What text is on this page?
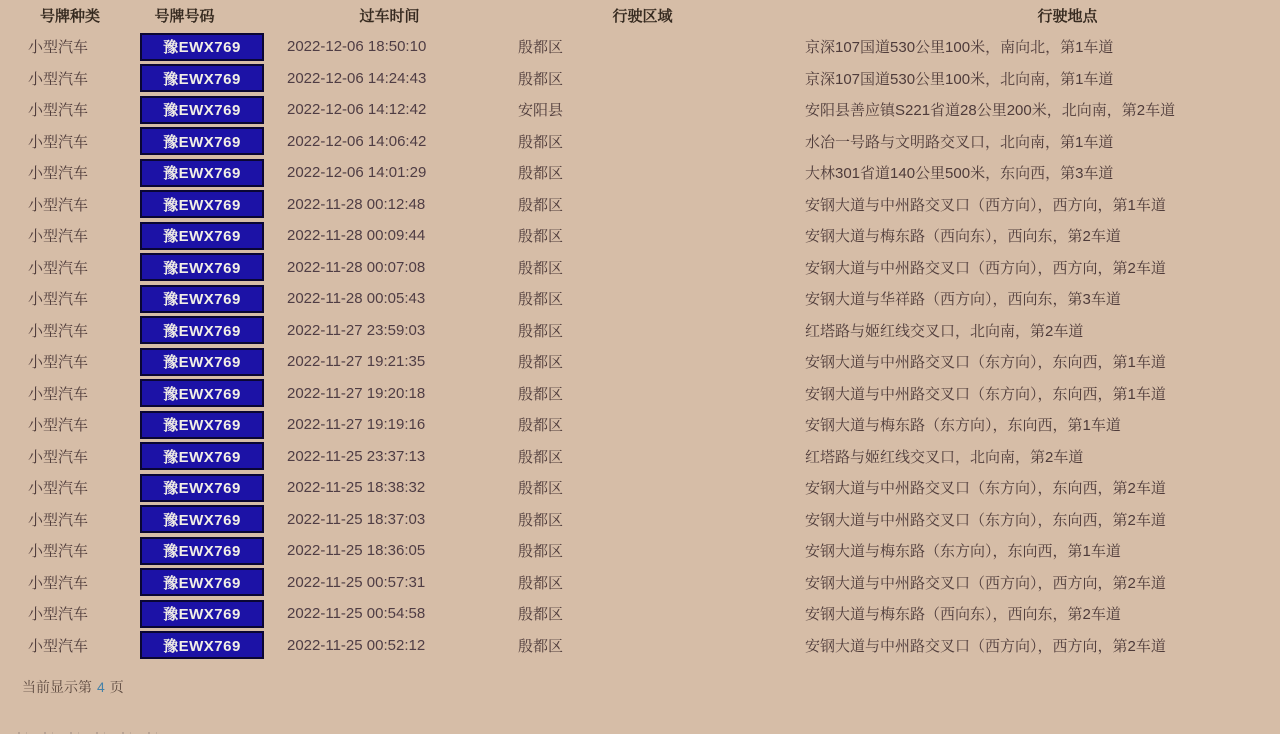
号牌种类	号牌号码	过车时间	行驶区域	行驶地点
小型汽车	豫EWX769	2022-12-06 18:50:10	殷都区	京深107国道530公里100米，南向北，第1车道
小型汽车	豫EWX769	2022-12-06 14:24:43	殷都区	京深107国道530公里100米，北向南，第1车道
小型汽车	豫EWX769	2022-12-06 14:12:42	安阳县	安阳县善应镇S221省道28公里200米，北向南，第2车道
小型汽车	豫EWX769	2022-12-06 14:06:42	殷都区	水冶一号路与文明路交叉口，北向南，第1车道
小型汽车	豫EWX769	2022-12-06 14:01:29	殷都区	大林301省道140公里500米，东向西，第3车道
小型汽车	豫EWX769	2022-11-28 00:12:48	殷都区	安钢大道与中州路交叉口（西方向），西方向，第1车道
小型汽车	豫EWX769	2022-11-28 00:09:44	殷都区	安钢大道与梅东路（西向东），西向东，第2车道
小型汽车	豫EWX769	2022-11-28 00:07:08	殷都区	安钢大道与中州路交叉口（西方向），西方向，第2车道
小型汽车	豫EWX769	2022-11-28 00:05:43	殷都区	安钢大道与华祥路（西方向），西向东，第3车道
小型汽车	豫EWX769	2022-11-27 23:59:03	殷都区	红塔路与姬红线交叉口，北向南，第2车道
小型汽车	豫EWX769	2022-11-27 19:21:35	殷都区	安钢大道与中州路交叉口（东方向），东向西，第1车道
小型汽车	豫EWX769	2022-11-27 19:20:18	殷都区	安钢大道与中州路交叉口（东方向），东向西，第1车道
小型汽车	豫EWX769	2022-11-27 19:19:16	殷都区	安钢大道与梅东路（东方向），东向西，第1车道
小型汽车	豫EWX769	2022-11-25 23:37:13	殷都区	红塔路与姬红线交叉口，北向南，第2车道
小型汽车	豫EWX769	2022-11-25 18:38:32	殷都区	安钢大道与中州路交叉口（东方向），东向西，第2车道
小型汽车	豫EWX769	2022-11-25 18:37:03	殷都区	安钢大道与中州路交叉口（东方向），东向西，第2车道
小型汽车	豫EWX769	2022-11-25 18:36:05	殷都区	安钢大道与梅东路（东方向），东向西，第1车道
小型汽车	豫EWX769	2022-11-25 00:57:31	殷都区	安钢大道与中州路交叉口（西方向），西方向，第2车道
小型汽车	豫EWX769	2022-11-25 00:54:58	殷都区	安钢大道与梅东路（西向东），西向东，第2车道
小型汽车	豫EWX769	2022-11-25 00:52:12	殷都区	安钢大道与中州路交叉口（西方向），西方向，第2车道
当前显示第 4 页
